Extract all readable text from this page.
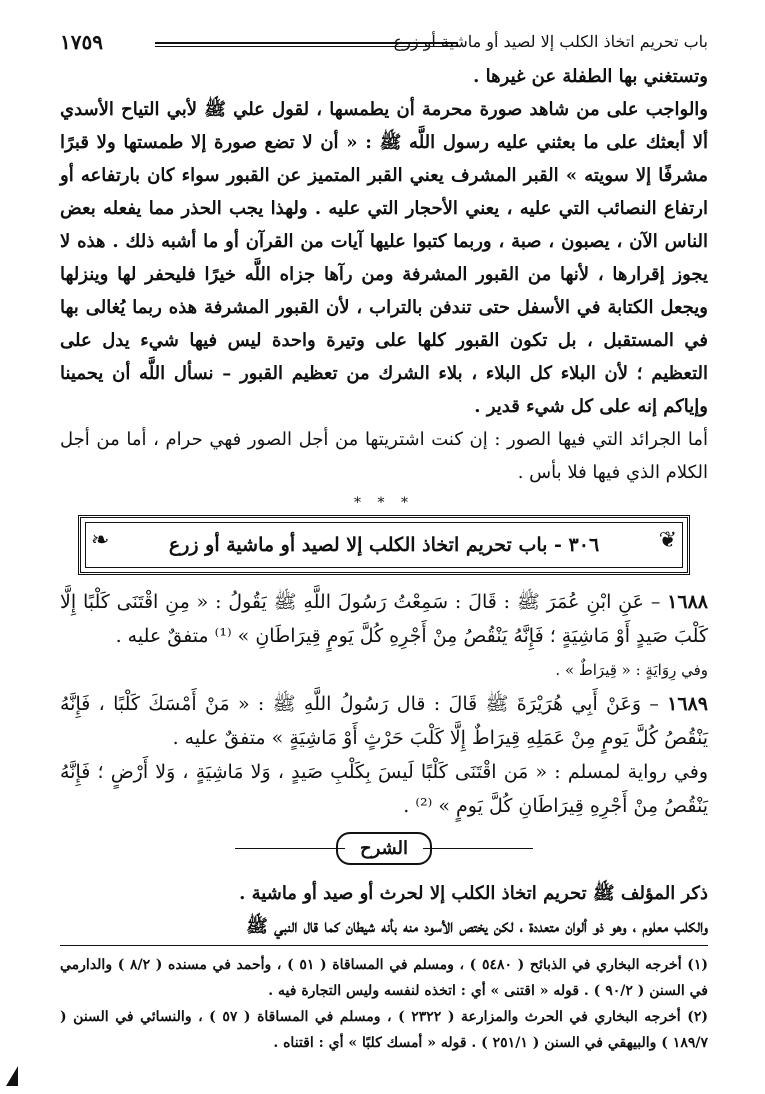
باب تحريم اتخاذ الكلب إلا لصيد أو ماشية أو زرع
١٧٥٩

وتستغني بها الطفلة عن غيرها .

والواجب على من شاهد صورة محرمة أن يطمسها ، لقول علي ﷺ لأبي التياح الأسدي ألا أبعثك على ما بعثني عليه رسول اللَّه ﷺ : « أن لا تضع صورة إلا طمستها ولا قبرًا مشرفًا إلا سويته » القبر المشرف يعني القبر المتميز عن القبور سواء كان بارتفاعه أو ارتفاع النصائب التي عليه ، يعني الأحجار التي عليه . ولهذا يجب الحذر مما يفعله بعض الناس الآن ، يصبون ، صبة ، وربما كتبوا عليها آيات من القرآن أو ما أشبه ذلك . هذه لا يجوز إقرارها ، لأنها من القبور المشرفة ومن رآها جزاه اللَّه خيرًا فليحفر لها وينزلها ويجعل الكتابة في الأسفل حتى تندفن بالتراب ، لأن القبور المشرفة هذه ربما يُغالى بها في المستقبل ، بل تكون القبور كلها على وتيرة واحدة ليس فيها شيء يدل على التعظيم ؛ لأن البلاء كل البلاء ، بلاء الشرك من تعظيم القبور – نسأل اللَّه أن يحمينا وإياكم إنه على كل شيء قدير .

أما الجرائد التي فيها الصور : إن كنت اشتريتها من أجل الصور فهي حرام ، أما من أجل الكلام الذي فيها فلا بأس .

* * *
❦
٣٠٦ - باب تحريم اتخاذ الكلب إلا لصيد أو ماشية أو زرع
❧

١٦٨٨ – عَنِ ابْنِ عُمَرَ ﷺ : قَالَ : سَمِعْتُ رَسُولَ اللَّهِ ﷺ يَقُولُ : « مِنِ اقْتَنَى كَلْبًا إِلَّا كَلْبَ صَيدٍ أَوْ مَاشِيَةٍ ؛ فَإِنَّهُ يَنْقُصُ مِنْ أَجْرِهِ كُلَّ يَومٍ قِيرَاطَانِ » ⁽¹⁾ متفقٌ عليه .

وفي رِوَايَةٍ : « قِيرَاطٌ » .

١٦٨٩ – وَعَنْ أَبِي هُرَيْرَةَ ﷺ قَالَ : قال رَسُولُ اللَّهِ ﷺ : « مَنْ أَمْسَكَ كَلْبًا ، فَإِنَّهُ يَنْقُصُ كُلَّ يَومٍ مِنْ عَمَلِهِ قِيرَاطٌ إِلَّا كَلْبَ حَرْثٍ أَوْ مَاشِيَةٍ » متفقٌ عليه .

وفي رواية لمسلم : « مَن اقْتَنَى كَلْبًا لَيسَ بِكَلْبِ صَيدٍ ، وَلا مَاشِيَةٍ ، وَلا أَرْضٍ ؛ فَإِنَّهُ يَنْقُصُ مِنْ أَجْرِهِ قِيرَاطَانِ كُلَّ يَومٍ » ⁽²⁾ .

الشرح

ذكر المؤلف ﷺ تحريم اتخاذ الكلب إلا لحرث أو صيد أو ماشية .

والكلب معلوم ، وهو ذو ألوان متعددة ، لكن يختص الأسود منه بأنه شيطان كما قال النبي ﷺ

(١) أخرجه البخاري في الذبائح ( ٥٤٨٠ ) ، ومسلم في المساقاة ( ٥١ ) ، وأحمد في مسنده ( ٨/٢ ) والدارمي في السنن ( ٩٠/٢ ) . قوله « اقتنى » أي : اتخذه لنفسه وليس التجارة فيه .

(٢) أخرجه البخاري في الحرث والمزارعة ( ٢٣٢٢ ) ، ومسلم في المساقاة ( ٥٧ ) ، والنسائي في السنن ( ١٨٩/٧ ) والبيهقي في السنن ( ٢٥١/١ ) . قوله « أمسك كلبًا » أي : اقتناه .
